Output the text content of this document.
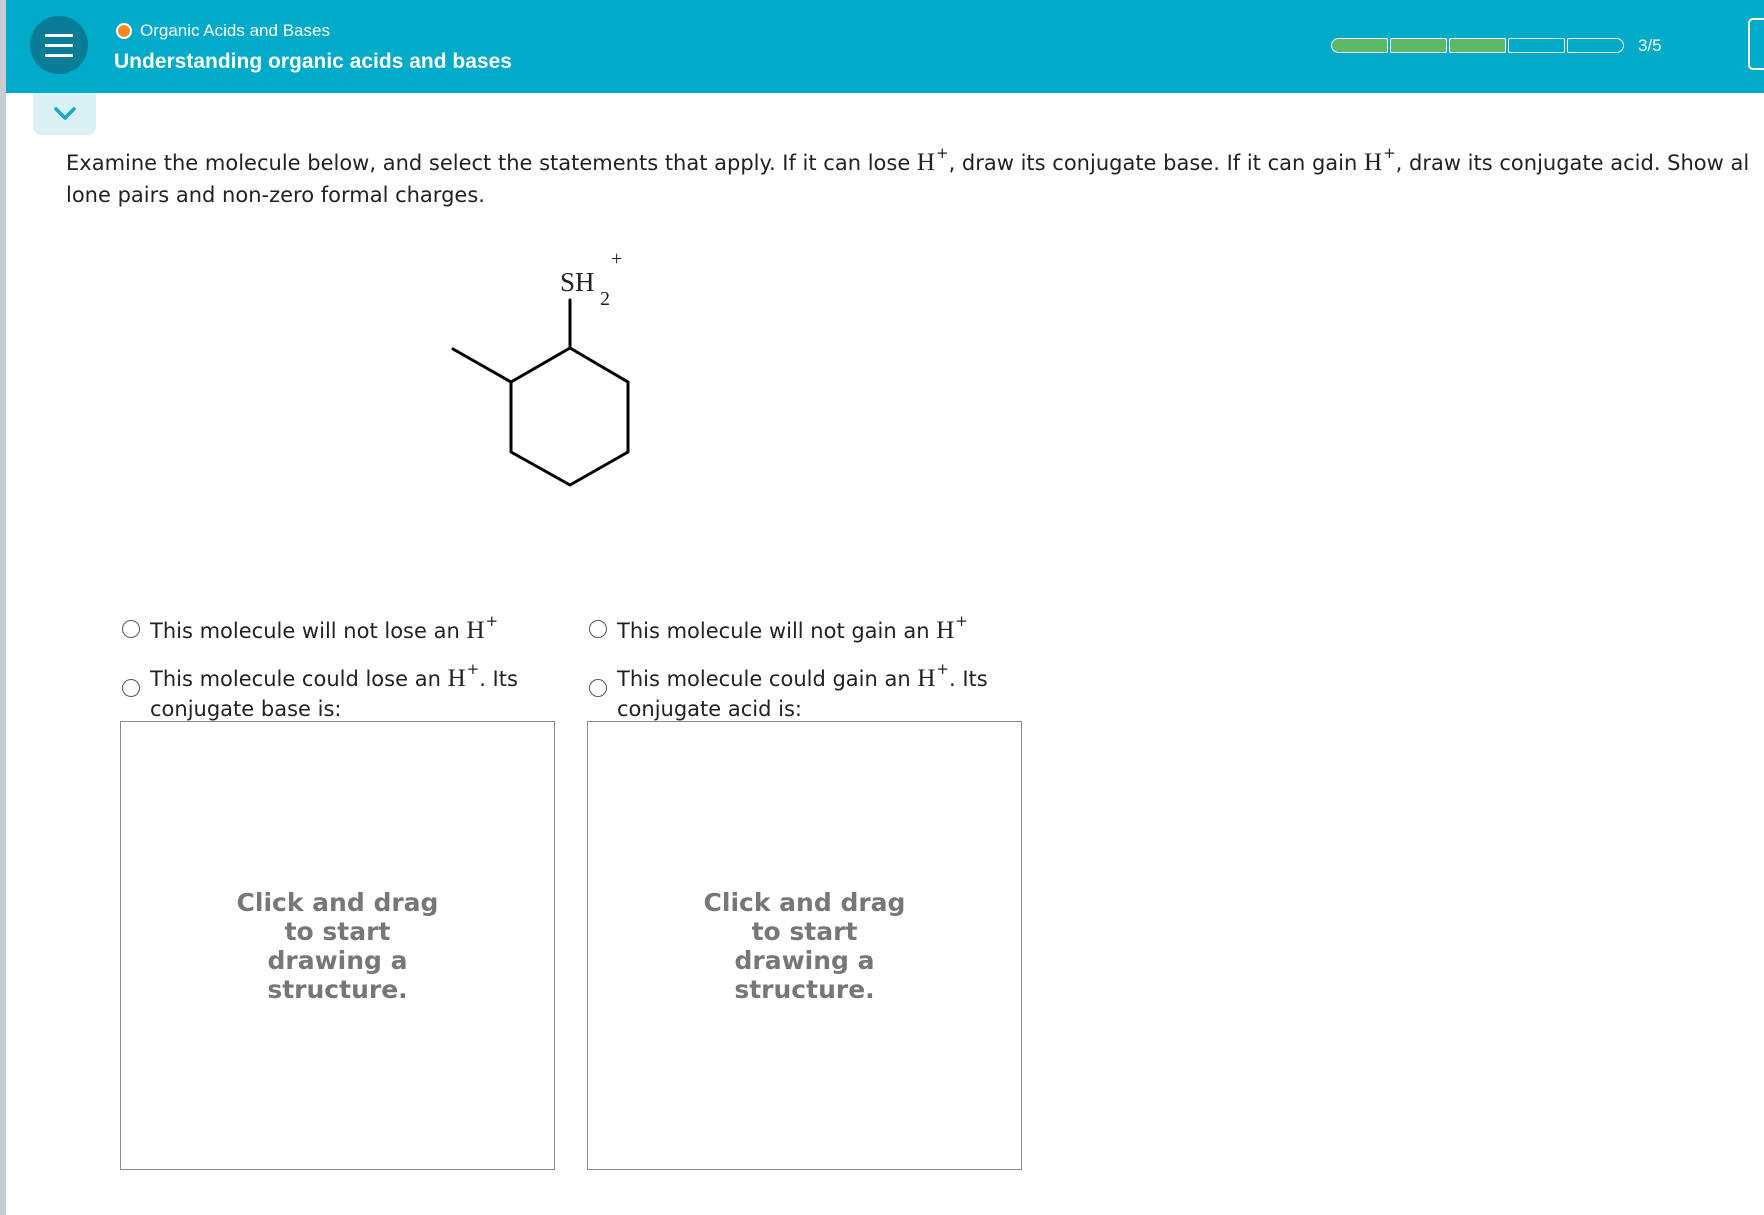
Organic Acids and Bases
Understanding organic acids and bases
3/5
Examine the molecule below, and select the statements that apply. If it can lose H+, draw its conjugate base. If it can gain H+, draw its conjugate acid. Show al
lone pairs and non-zero formal charges.
+
SH
2
This molecule will not lose an H+
This molecule could lose an H+. Its
conjugate base is:
This molecule will not gain an H+
This molecule could gain an H+. Its
conjugate acid is:
Click and drag
to start
drawing a
structure.
Click and drag
to start
drawing a
structure.
